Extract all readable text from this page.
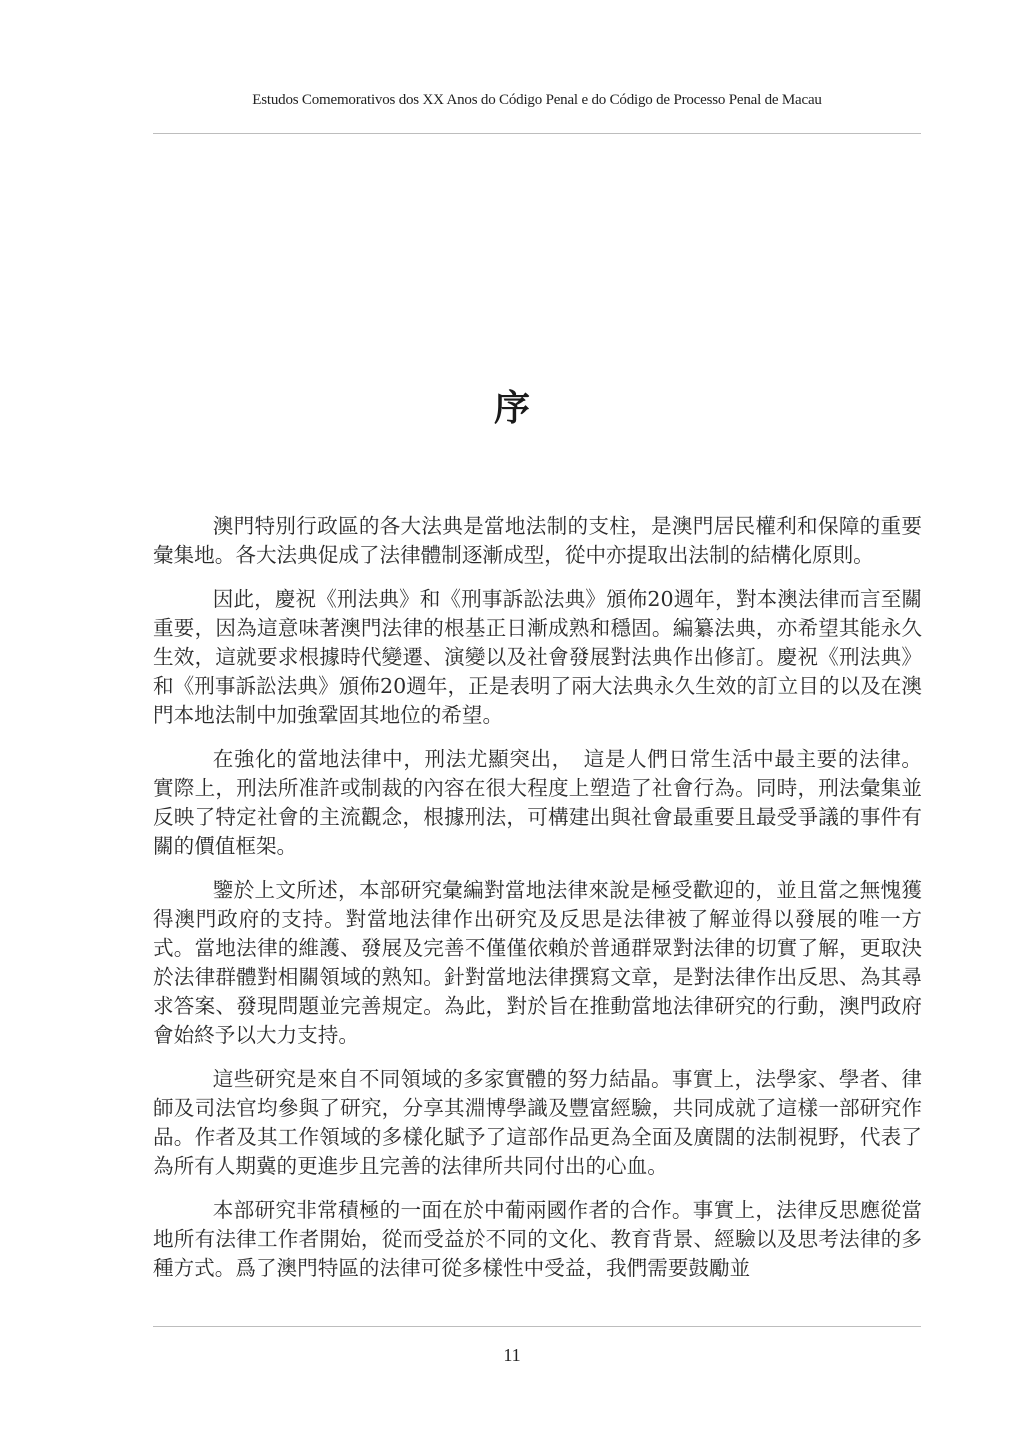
Estudos Comemorativos dos XX Anos do Código Penal e do Código de Processo Penal de Macau
序

澳門特別行政區的各大法典是當地法制的支柱，是澳門居民權利和保障的重要彙集地。各大法典促成了法律體制逐漸成型，從中亦提取出法制的結構化原則。

因此，慶祝《刑法典》和《刑事訴訟法典》頒佈20週年，對本澳法律而言至關重要，因為這意味著澳門法律的根基正日漸成熟和穩固。編纂法典，亦希望其能永久生效，這就要求根據時代變遷、演變以及社會發展對法典作出修訂。慶祝《刑法典》和《刑事訴訟法典》頒佈20週年，正是表明了兩大法典永久生效的訂立目的以及在澳門本地法制中加強鞏固其地位的希望。

在強化的當地法律中，刑法尤顯突出，　這是人們日常生活中最主要的法律。實際上，刑法所准許或制裁的內容在很大程度上塑造了社會行為。同時，刑法彙集並反映了特定社會的主流觀念，根據刑法，可構建出與社會最重要且最受爭議的事件有關的價值框架。

鑒於上文所述，本部研究彙編對當地法律來說是極受歡迎的，並且當之無愧獲得澳門政府的支持。對當地法律作出研究及反思是法律被了解並得以發展的唯一方式。當地法律的維護、發展及完善不僅僅依賴於普通群眾對法律的切實了解，更取決於法律群體對相關領域的熟知。針對當地法律撰寫文章，是對法律作出反思、為其尋求答案、發現問題並完善規定。為此，對於旨在推動當地法律研究的行動，澳門政府會始終予以大力支持。

這些研究是來自不同領域的多家實體的努力結晶。事實上，法學家、學者、律師及司法官均參與了研究，分享其淵博學識及豐富經驗，共同成就了這樣一部研究作品。作者及其工作領域的多樣化賦予了這部作品更為全面及廣闊的法制視野，代表了為所有人期冀的更進步且完善的法律所共同付出的心血。

本部研究非常積極的一面在於中葡兩國作者的合作。事實上，法律反思應從當地所有法律工作者開始，從而受益於不同的文化、教育背景、經驗以及思考法律的多種方式。爲了澳門特區的法律可從多樣性中受益，我們需要鼓勵並

11
